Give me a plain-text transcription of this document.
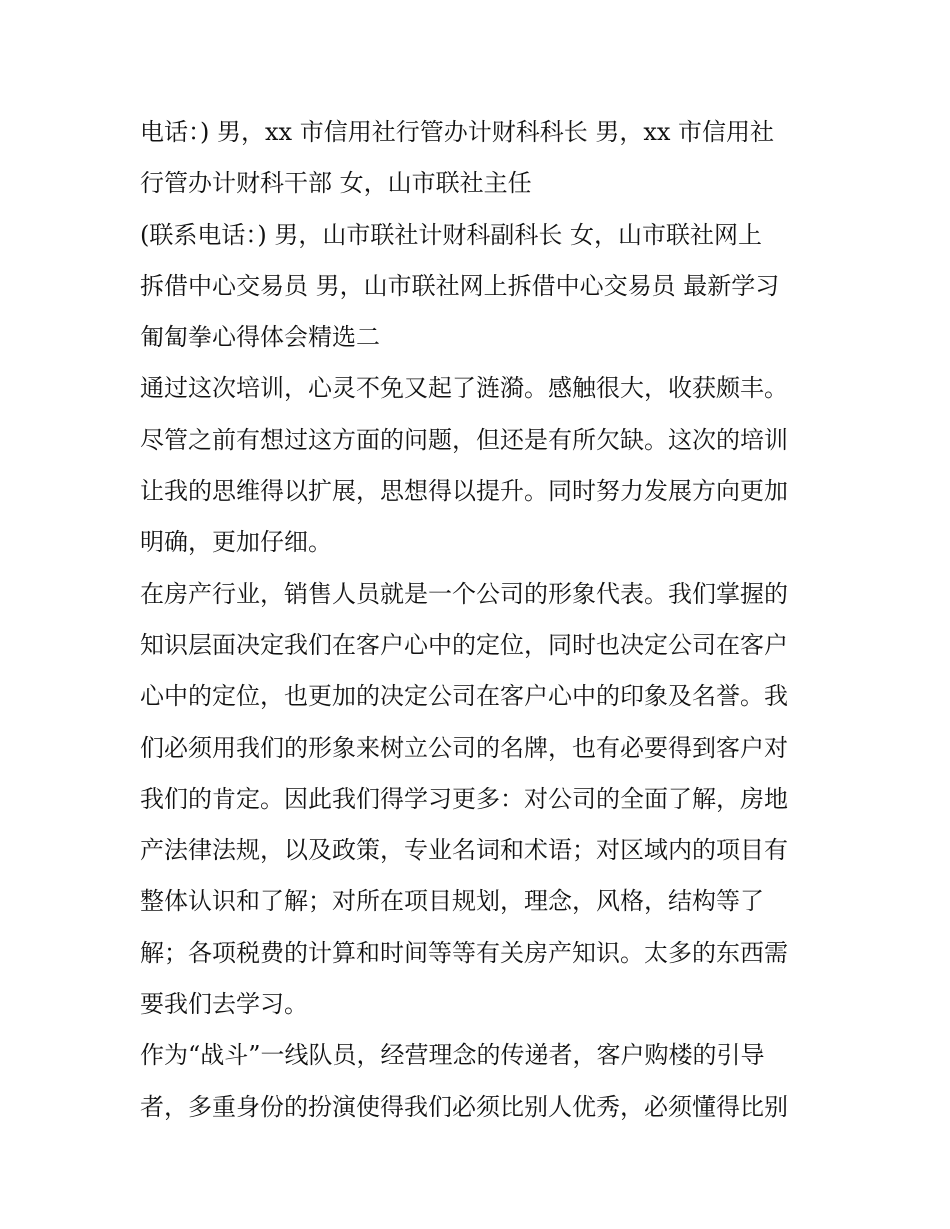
电话：) 男，xx 市信用社行管办计财科科长 男，xx 市信用社
行管办计财科干部 女，山市联社主任
(联系电话：) 男，山市联社计财科副科长 女，山市联社网上
拆借中心交易员 男，山市联社网上拆借中心交易员 最新学习
匍匐拳心得体会精选二
通过这次培训，心灵不免又起了涟漪。感触很大，收获颇丰。
尽管之前有想过这方面的问题，但还是有所欠缺。这次的培训
让我的思维得以扩展，思想得以提升。同时努力发展方向更加
明确，更加仔细。
在房产行业，销售人员就是一个公司的形象代表。我们掌握的
知识层面决定我们在客户心中的定位，同时也决定公司在客户
心中的定位，也更加的决定公司在客户心中的印象及名誉。我
们必须用我们的形象来树立公司的名牌，也有必要得到客户对
我们的肯定。因此我们得学习更多：对公司的全面了解，房地
产法律法规，以及政策，专业名词和术语；对区域内的项目有
整体认识和了解；对所在项目规划，理念，风格，结构等了
解；各项税费的计算和时间等等有关房产知识。太多的东西需
要我们去学习。
作为“战斗”一线队员，经营理念的传递者，客户购楼的引导
者，多重身份的扮演使得我们必须比别人优秀，必须懂得比别
